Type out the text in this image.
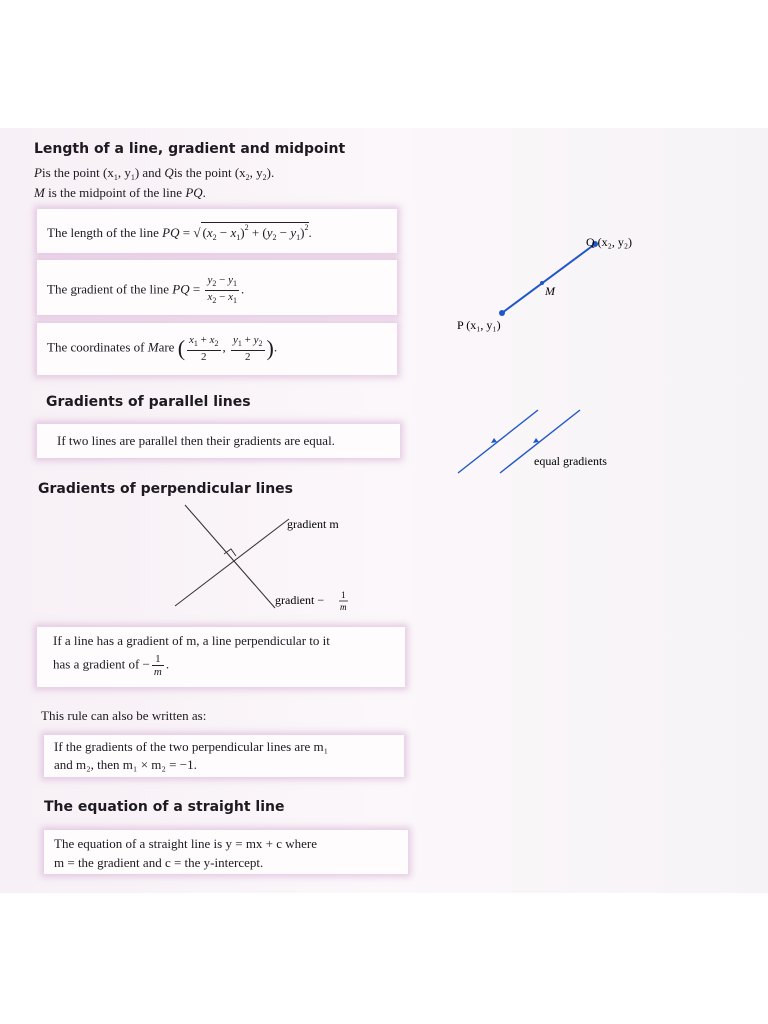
Length of a line, gradient and midpoint
Pis the point ($x_1$, $y_1$) and Qis the point ($x_2$, $y_2$).
M is the midpoint of the line PQ.
The length of the line PQ = √ $(x_2 - x_1)^2 + (y_2 - y_1)^2$.
The gradient of the line PQ = $\frac{y_2 - y_1}{x_2 - x_1}$ .
The coordinates of Mare ( $\frac{x_1 + x_2}{2}$ , $\frac{y_1 + y_2}{2}$ ).
P (x₁, y₁)
Q (x₂, y₂)
M
Gradients of parallel lines
If two lines are parallel then their gradients are equal.
equal gradients
Gradients of perpendicular lines
gradient m
gradient − 1
m
If a line has a gradient of m, a line perpendicular to it
has a gradient of − $\frac{1}{m}$ .
This rule can also be written as:
If the gradients of the two perpendicular lines are m₁
and m₂, then m₁ × m₂ = −1.
The equation of a straight line
The equation of a straight line is y = mx + c where
m = the gradient and c = the y-intercept.
